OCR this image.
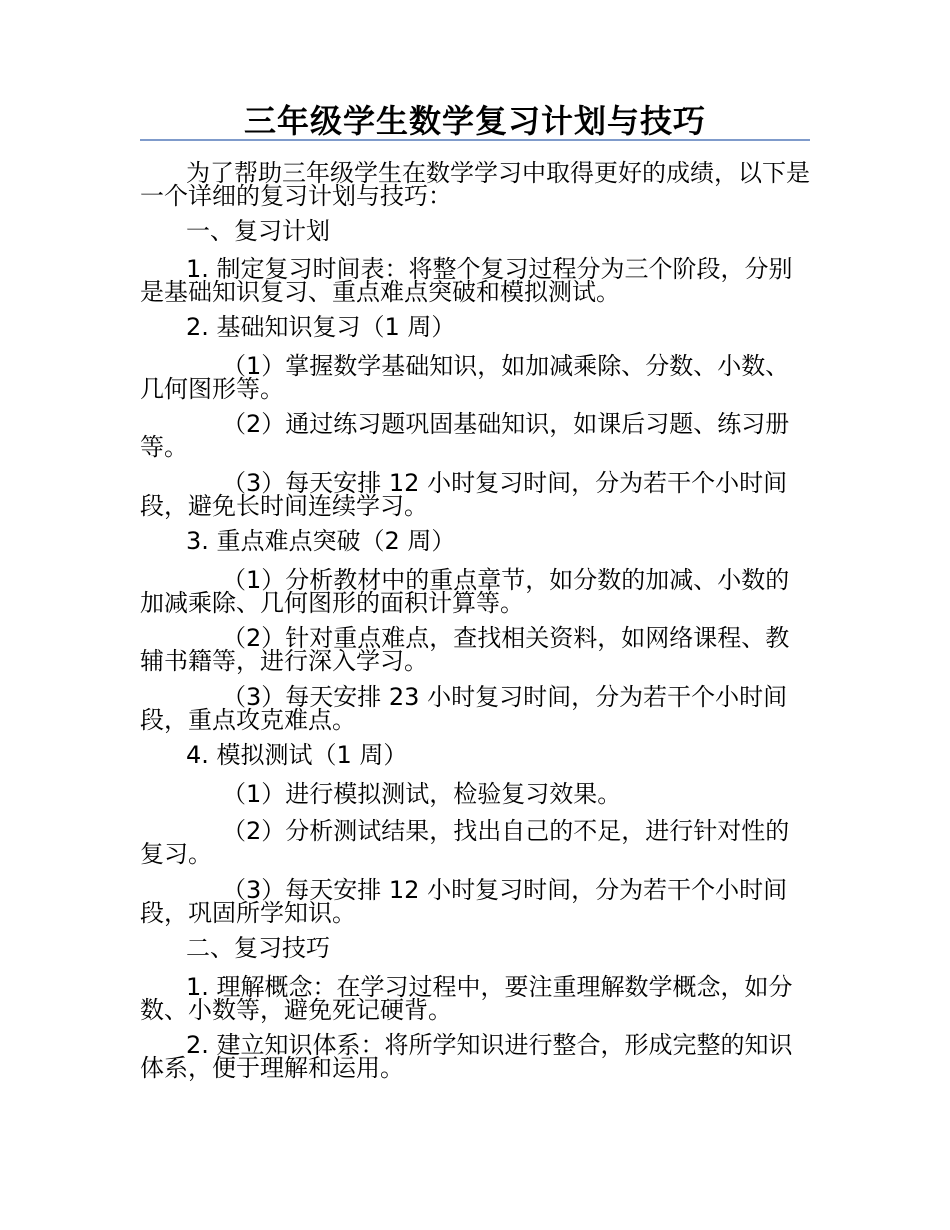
三年级学生数学复习计划与技巧

为了帮助三年级学生在数学学习中取得更好的成绩，以下是一个详细的复习计划与技巧：

一、复习计划

1. 制定复习时间表：将整个复习过程分为三个阶段，分别是基础知识复习、重点难点突破和模拟测试。

2. 基础知识复习（1 周）

（1）掌握数学基础知识，如加减乘除、分数、小数、几何图形等。

（2）通过练习题巩固基础知识，如课后习题、练习册等。

（3）每天安排 12 小时复习时间，分为若干个小时间段，避免长时间连续学习。

3. 重点难点突破（2 周）

（1）分析教材中的重点章节，如分数的加减、小数的加减乘除、几何图形的面积计算等。

（2）针对重点难点，查找相关资料，如网络课程、教辅书籍等，进行深入学习。

（3）每天安排 23 小时复习时间，分为若干个小时间段，重点攻克难点。

4. 模拟测试（1 周）

（1）进行模拟测试，检验复习效果。

（2）分析测试结果，找出自己的不足，进行针对性的复习。

（3）每天安排 12 小时复习时间，分为若干个小时间段，巩固所学知识。

二、复习技巧

1. 理解概念：在学习过程中，要注重理解数学概念，如分数、小数等，避免死记硬背。

2. 建立知识体系：将所学知识进行整合，形成完整的知识体系，便于理解和运用。
